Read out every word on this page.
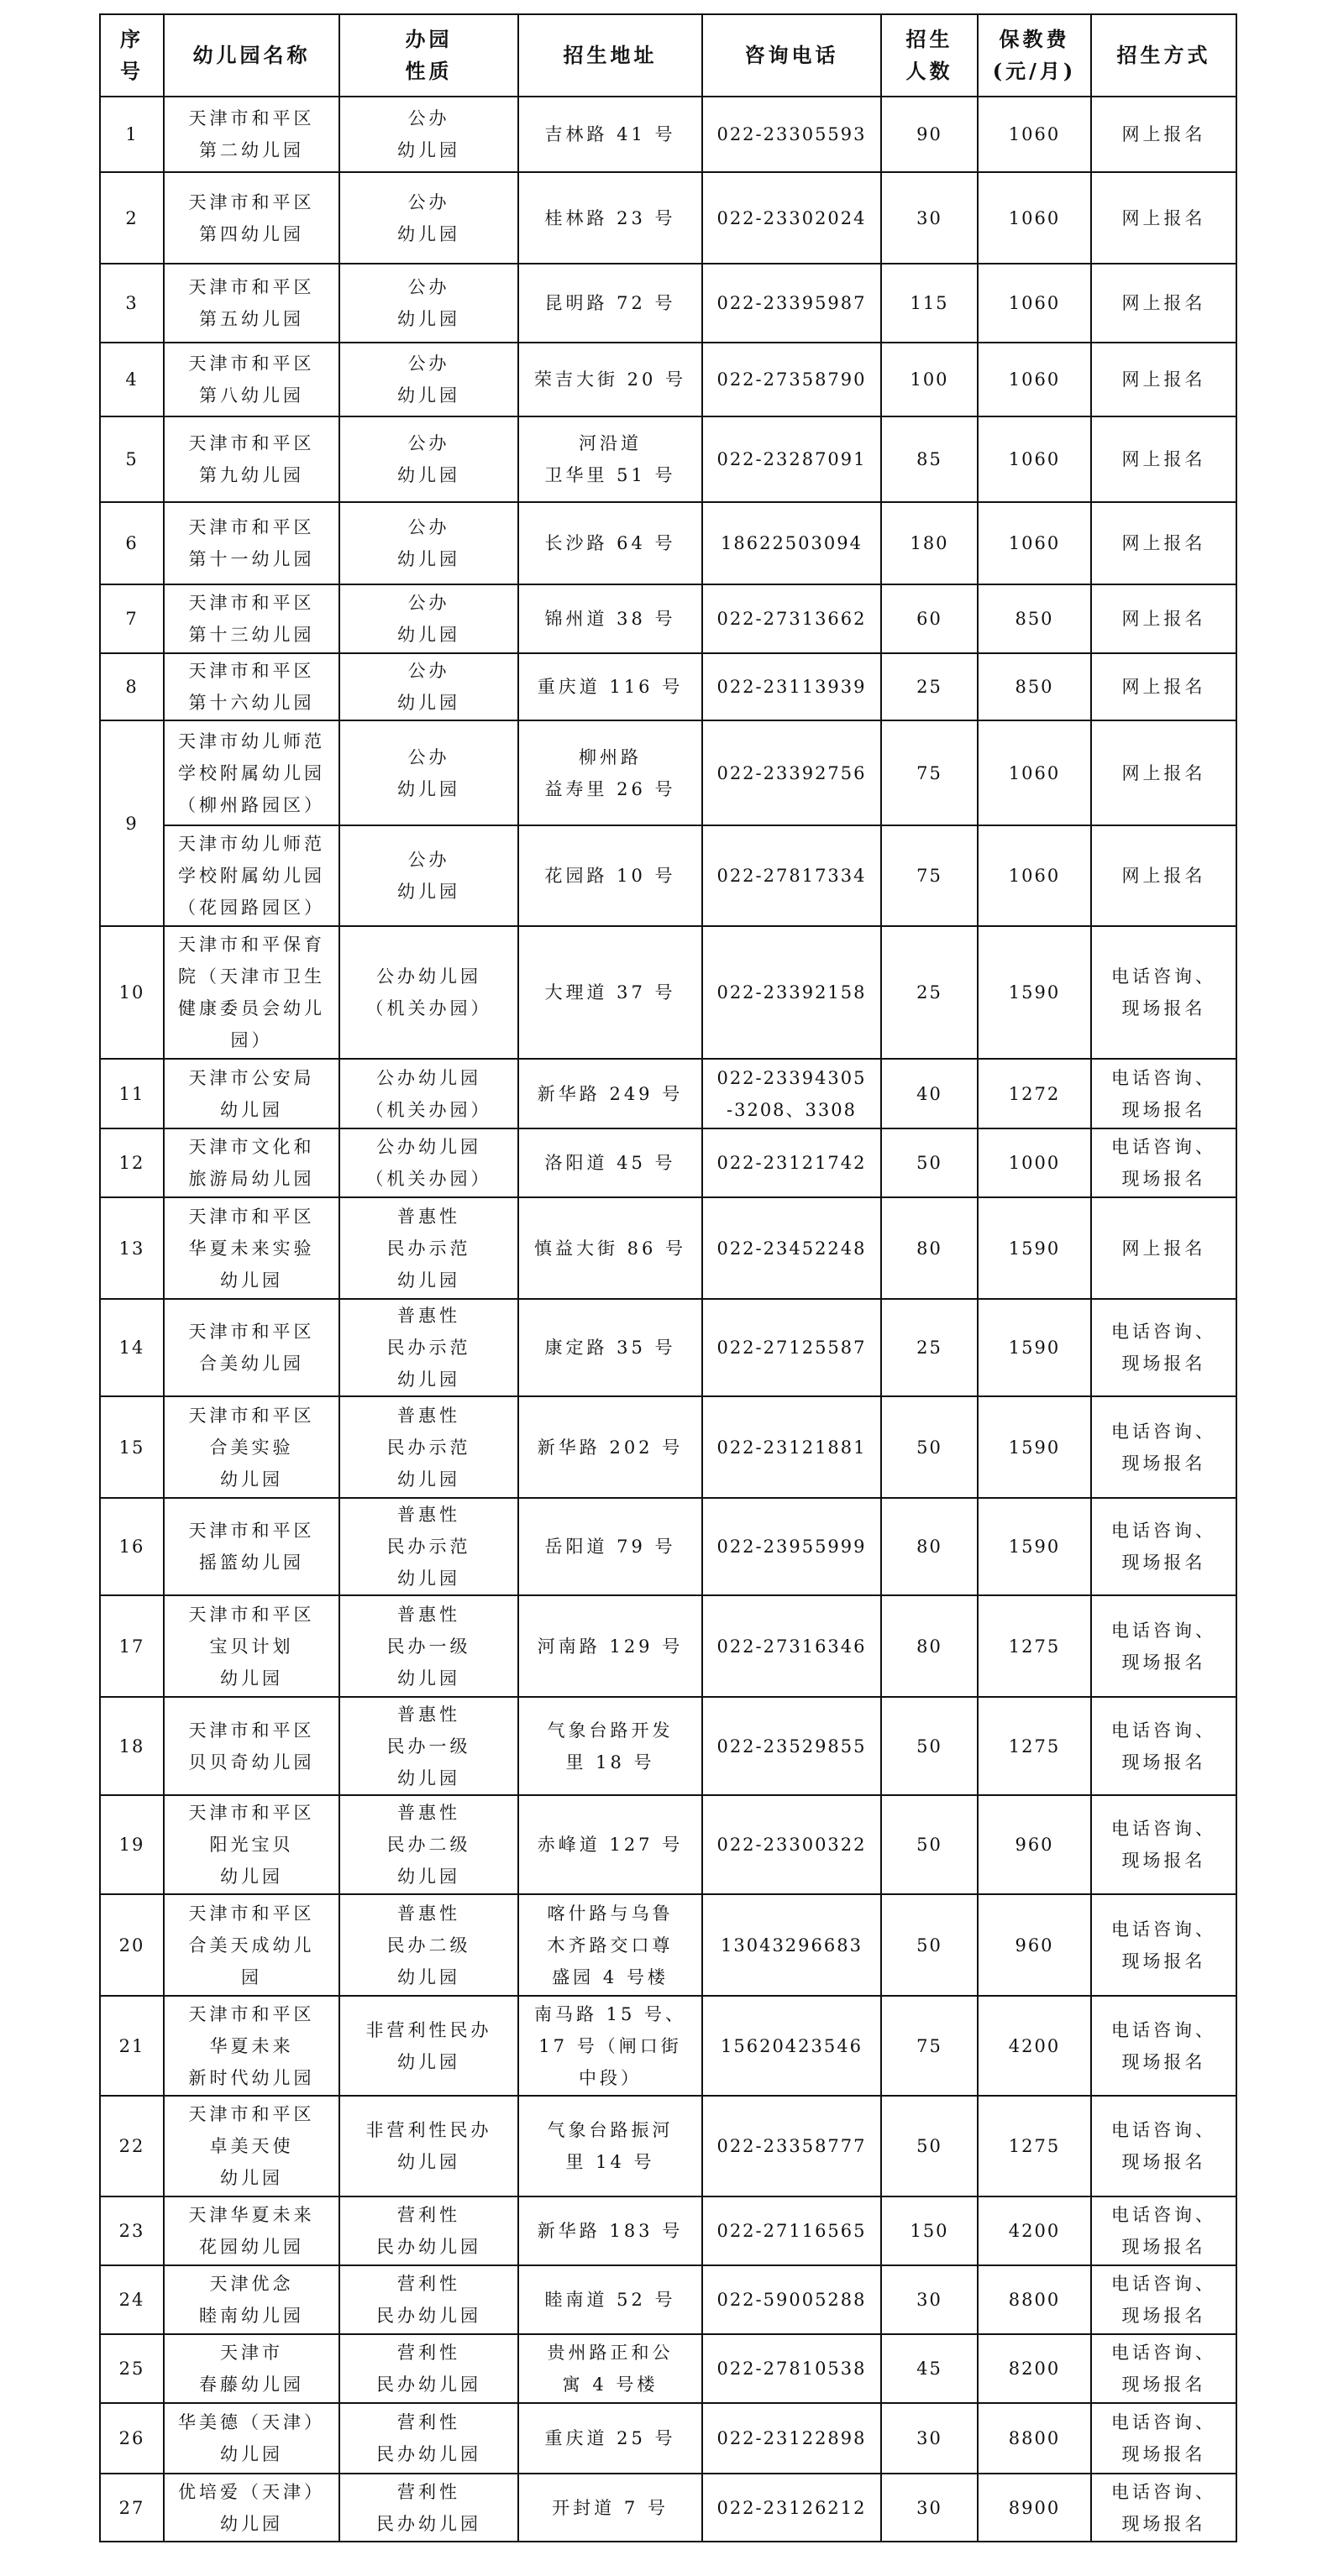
序
号	幼儿园名称	办园
性质	招生地址	咨询电话	招生
人数	保教费
(元/月)	招生方式

1	天津市和平区
第二幼儿园	公办
幼儿园	吉林路 41 号	022-23305593	90	1060	网上报名

2	天津市和平区
第四幼儿园	公办
幼儿园	桂林路 23 号	022-23302024	30	1060	网上报名

3	天津市和平区
第五幼儿园	公办
幼儿园	昆明路 72 号	022-23395987	115	1060	网上报名

4	天津市和平区
第八幼儿园	公办
幼儿园	荣吉大街 20 号	022-27358790	100	1060	网上报名

5	天津市和平区
第九幼儿园	公办
幼儿园	河沿道
卫华里 51 号	022-23287091	85	1060	网上报名

6	天津市和平区
第十一幼儿园	公办
幼儿园	长沙路 64 号	18622503094	180	1060	网上报名

7	天津市和平区
第十三幼儿园	公办
幼儿园	锦州道 38 号	022-27313662	60	850	网上报名

8	天津市和平区
第十六幼儿园	公办
幼儿园	重庆道 116 号	022-23113939	25	850	网上报名

9	天津市幼儿师范
学校附属幼儿园
（柳州路园区）	公办
幼儿园	柳州路
益寿里 26 号	022-23392756	75	1060	网上报名

	天津市幼儿师范
学校附属幼儿园
（花园路园区）	公办
幼儿园	花园路 10 号	022-27817334	75	1060	网上报名

10	天津市和平保育
院（天津市卫生
健康委员会幼儿
园）	公办幼儿园
（机关办园）	大理道 37 号	022-23392158	25	1590	电话咨询、
现场报名

11	天津市公安局
幼儿园	公办幼儿园
（机关办园）	新华路 249 号	022-23394305
-3208、3308	40	1272	电话咨询、
现场报名

12	天津市文化和
旅游局幼儿园	公办幼儿园
（机关办园）	洛阳道 45 号	022-23121742	50	1000	电话咨询、
现场报名

13	天津市和平区
华夏未来实验
幼儿园	普惠性
民办示范
幼儿园	慎益大街 86 号	022-23452248	80	1590	网上报名

14	天津市和平区
合美幼儿园	普惠性
民办示范
幼儿园	康定路 35 号	022-27125587	25	1590	电话咨询、
现场报名

15	天津市和平区
合美实验
幼儿园	普惠性
民办示范
幼儿园	新华路 202 号	022-23121881	50	1590	电话咨询、
现场报名

16	天津市和平区
摇篮幼儿园	普惠性
民办示范
幼儿园	岳阳道 79 号	022-23955999	80	1590	电话咨询、
现场报名

17	天津市和平区
宝贝计划
幼儿园	普惠性
民办一级
幼儿园	河南路 129 号	022-27316346	80	1275	电话咨询、
现场报名

18	天津市和平区
贝贝奇幼儿园	普惠性
民办一级
幼儿园	气象台路开发
里 18 号	022-23529855	50	1275	电话咨询、
现场报名

19	天津市和平区
阳光宝贝
幼儿园	普惠性
民办二级
幼儿园	赤峰道 127 号	022-23300322	50	960	电话咨询、
现场报名

20	天津市和平区
合美天成幼儿
园	普惠性
民办二级
幼儿园	喀什路与乌鲁
木齐路交口尊
盛园 4 号楼	13043296683	50	960	电话咨询、
现场报名

21	天津市和平区
华夏未来
新时代幼儿园	非营利性民办
幼儿园	南马路 15 号、
17 号（闸口街
中段）	15620423546	75	4200	电话咨询、
现场报名

22	天津市和平区
卓美天使
幼儿园	非营利性民办
幼儿园	气象台路振河
里 14 号	022-23358777	50	1275	电话咨询、
现场报名

23	天津华夏未来
花园幼儿园	营利性
民办幼儿园	新华路 183 号	022-27116565	150	4200	电话咨询、
现场报名

24	天津优念
睦南幼儿园	营利性
民办幼儿园	睦南道 52 号	022-59005288	30	8800	电话咨询、
现场报名

25	天津市
春藤幼儿园	营利性
民办幼儿园	贵州路正和公
寓 4 号楼	022-27810538	45	8200	电话咨询、
现场报名

26	华美德（天津）
幼儿园	营利性
民办幼儿园	重庆道 25 号	022-23122898	30	8800	电话咨询、
现场报名

27	优培爱（天津）
幼儿园	营利性
民办幼儿园	开封道 7 号	022-23126212	30	8900	电话咨询、
现场报名
